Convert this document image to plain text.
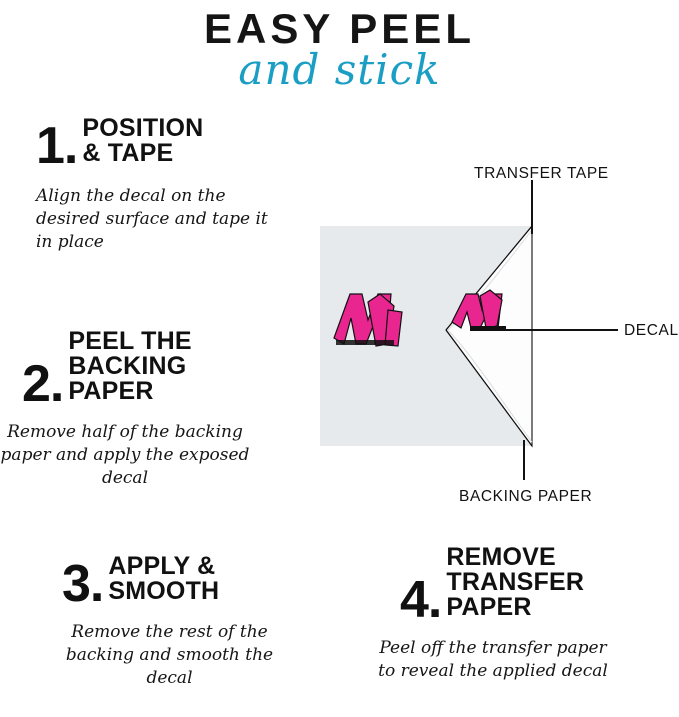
EASY PEEL
and stick
1. POSITION
& TAPE
Align the decal on the desired surface and tape it in place
2.
PEEL THE
BACKING PAPER
Remove half of the backing paper and apply the exposed decal
3. APPLY &
SMOOTH
Remove the rest of the backing and smooth the decal
4.
REMOVE
TRANSFER PAPER
Peel off the transfer paper to reveal the applied decal
TRANSFER TAPE
DECAL
BACKING PAPER
